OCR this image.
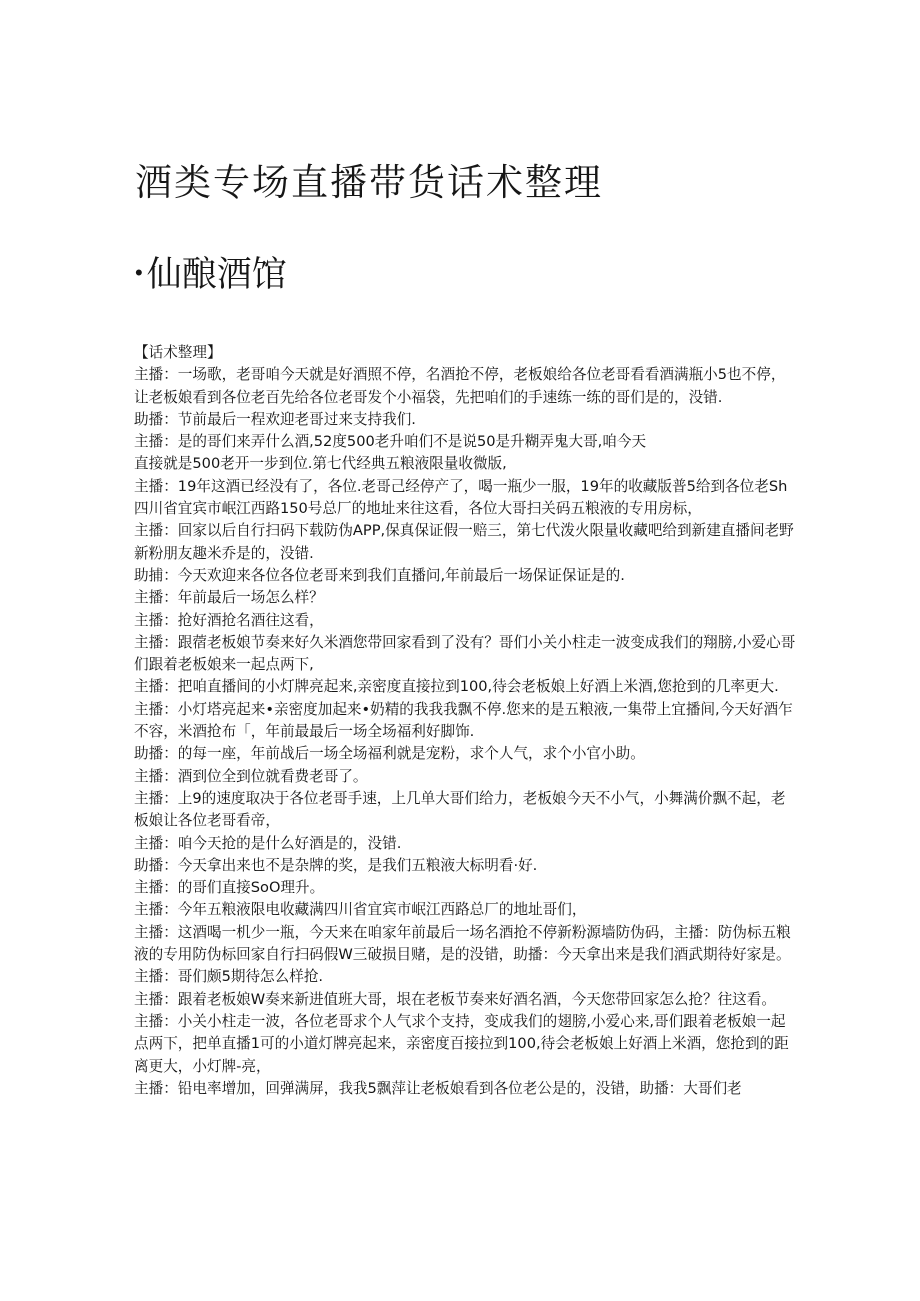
酒类专场直播带货话术整理
• 仙酿酒馆

【话术整理】

主播：一场歌，老哥咱今天就是好酒照不停，名酒抢不停，老板娘给各位老哥看看酒满瓶小5也不停，让老板娘看到各位老百先给各位老哥发个小福袋，先把咱们的手速练一练的哥们是的，没错.

助播：节前最后一程欢迎老哥过来支持我们.

主播：是的哥们来弄什么酒,52度500老升咱们不是说50是升糊弄鬼大哥,咱今天

直接就是500老开一步到位.第七代经典五粮液限量收微版,

主播：19年这酒已经没有了，各位.老哥己经停产了，喝一瓶少一服，19年的收藏版普5给到各位老Sh四川省宜宾市岷江西路150号总厂的地址来往这看，各位大哥扫关码五粮液的专用房标，

主播：回家以后自行扫码下载防伪APP,保真保证假一赔三，第七代泼火限量收藏吧给到新建直播间老野新粉朋友趣米乔是的，没错.

助捕：今天欢迎来各位各位老哥来到我们直播问,年前最后一场保证保证是的.

主播：年前最后一场怎么样？

主播：抢好酒抢名酒往这看，

主播：跟蓿老板娘节奏来好久米酒您带回家看到了没有？哥们小关小柱走一波变成我们的翔膀,小爱心哥们跟着老板娘来一起点两下,

主播：把咱直播间的小灯牌亮起来,亲密度直接拉到100,待会老板娘上好酒上米酒,您抢到的几率更大.

主播：小灯塔亮起来•亲密度加起来•奶精的我我我飘不停.您来的是五粮液,一集带上宜播间,今天好酒乍不容，米酒抢布「，年前最最后一场全场福利好脚饰.

助播：的每一座，年前战后一场全场福利就是宠粉，求个人气，求个小官小助。

主播：酒到位全到位就看费老哥了。

主播：上9的速度取决于各位老哥手速，上几单大哥们给力，老板娘今天不小气，小舞满价飘不起，老板娘让各位老哥看帝，

主播：咱今天抢的是什么好酒是的，没错.

助播：今天拿出来也不是杂牌的奖，是我们五粮液大标明看·好.

主播：的哥们直接SoO理升。

主播：今年五粮液限电收藏满四川省宜宾市岷江西路总厂的地址哥们，

主播：这酒喝一机少一瓶，今天来在咱家年前最后一场名酒抢不停新粉源墙防伪码，主播：防伪标五粮液的专用防伪标回家自行扫码假W三破损目赌，是的没错，助播：今天拿出来是我们酒武期待好家是。

主播：哥们颇5期待怎么样抢.

主播：跟着老板娘W奏来新进值班大哥，垠在老板节奏来好酒名酒，今天您带回家怎么抢？往这看。

主播：小关小柱走一波，各位老哥求个人气求个支持，变成我们的翅膀,小爱心来,哥们跟着老板娘一起点两下，把单直播1可的小道灯牌亮起来，亲密度百接拉到100,待会老板娘上好酒上米酒，您抢到的距离更大，小灯牌-亮，

主播：铅电率增加，回弹满屏，我我5飘萍让老板娘看到各位老公是的，没错，助播：大哥们老
